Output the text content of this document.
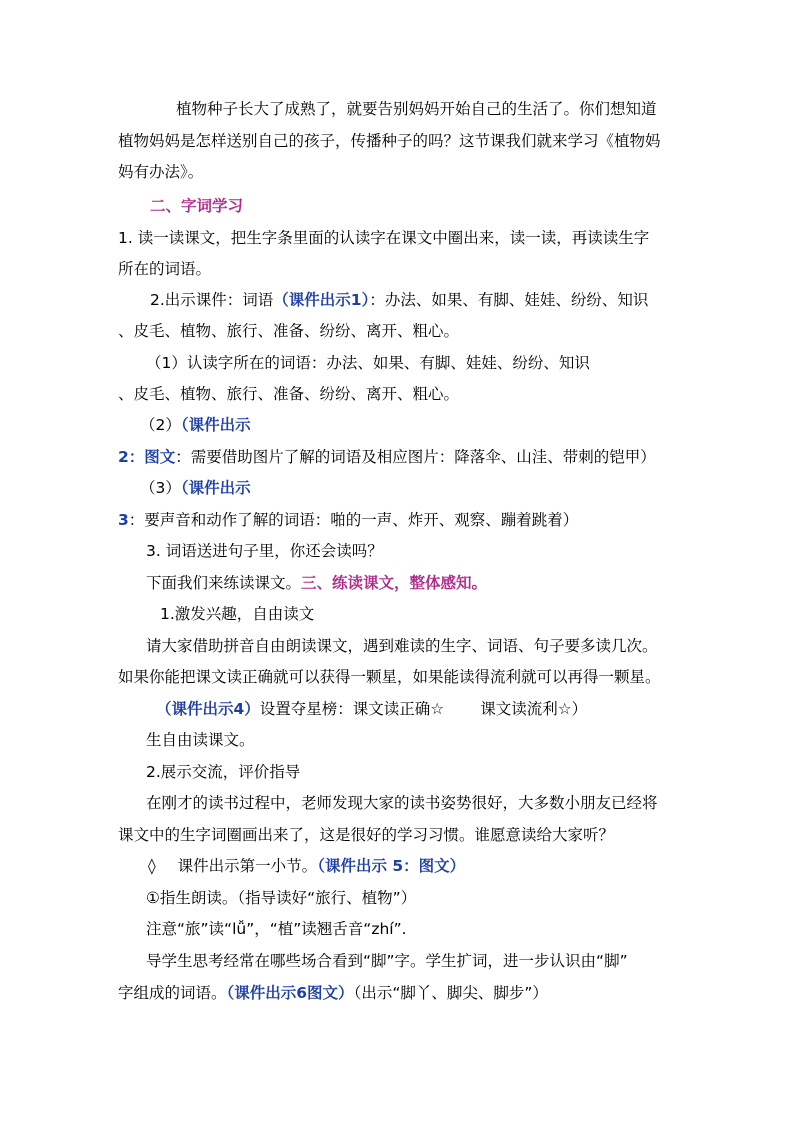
植物种子长大了成熟了，就要告别妈妈开始自己的生活了。你们想知道
植物妈妈是怎样送别自己的孩子，传播种子的吗？这节课我们就来学习《植物妈
妈有办法》。
二、字词学习
1. 读一读课文，把生字条里面的认读字在课文中圈出来，读一读，再读读生字
所在的词语。
2.出示课件：词语（课件出示1）：办法、如果、有脚、娃娃、纷纷、知识
、皮毛、植物、旅行、准备、纷纷、离开、粗心。
（1）认读字所在的词语：办法、如果、有脚、娃娃、纷纷、知识
、皮毛、植物、旅行、准备、纷纷、离开、粗心。
（2）（课件出示
2：图文：需要借助图片了解的词语及相应图片：降落伞、山洼、带刺的铠甲）
（3）（课件出示
3：要声音和动作了解的词语：啪的一声、炸开、观察、蹦着跳着）
3. 词语送进句子里，你还会读吗？
下面我们来练读课文。三、练读课文，整体感知。
1.激发兴趣，自由读文
请大家借助拼音自由朗读课文，遇到难读的生字、词语、句子要多读几次。
如果你能把课文读正确就可以获得一颗星，如果能读得流利就可以再得一颗星。
（课件出示4）设置夺星榜：课文读正确☆ 课文读流利☆）
生自由读课文。
2.展示交流，评价指导
在刚才的读书过程中，老师发现大家的读书姿势很好，大多数小朋友已经将
课文中的生字词圈画出来了，这是很好的学习习惯。谁愿意读给大家听？
◊ 课件出示第一小节。（课件出示 5：图文）
①指生朗读。（指导读好“旅行、植物”）
注意“旅”读“lǚ”，“植”读翘舌音“zhí”.
导学生思考经常在哪些场合看到“脚”字。学生扩词，进一步认识由“脚”
字组成的词语。（课件出示6图文）（出示“脚丫、脚尖、脚步”）
